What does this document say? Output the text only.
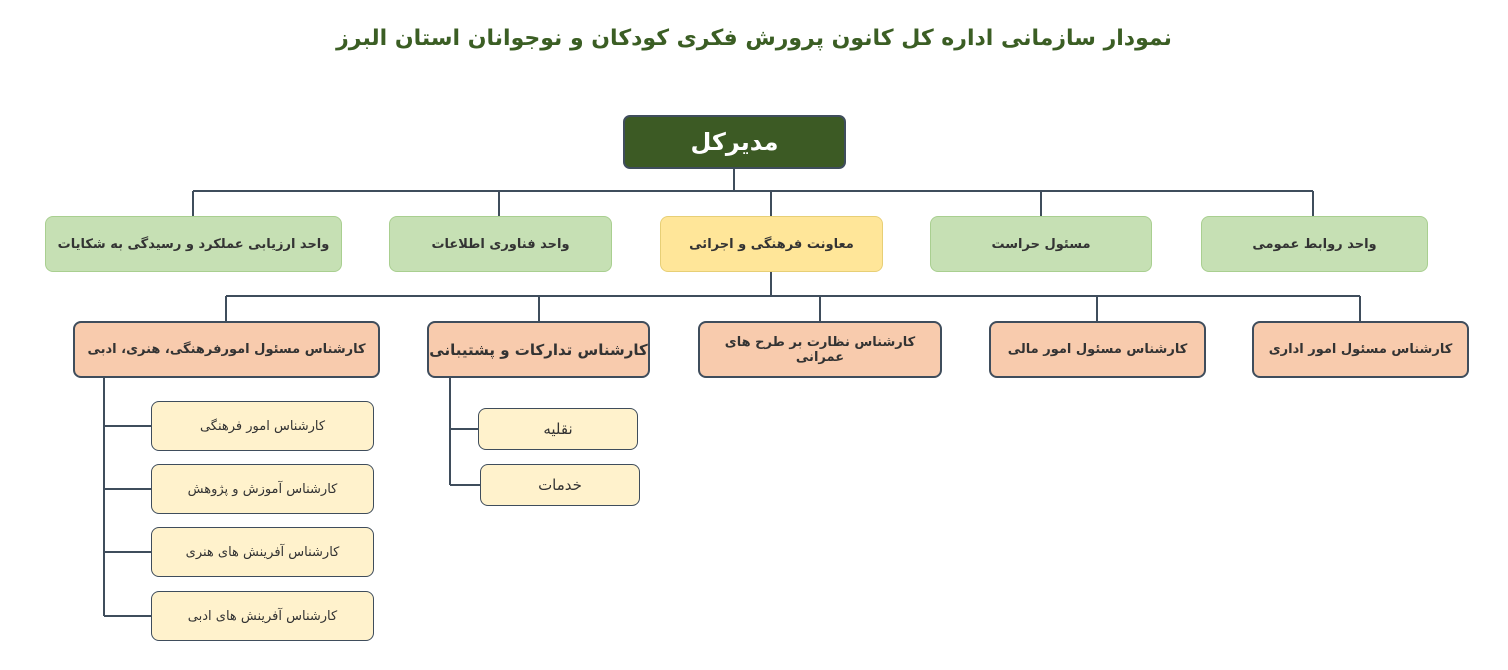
نمودار سازمانی اداره کل کانون پرورش فکری کودکان و نوجوانان استان البرز
مدیرکل
واحد روابط عمومی
مسئول حراست
معاونت فرهنگی و اجرائی
واحد فناوری اطلاعات
واحد ارزیابی عملکرد و رسیدگی به شکایات
کارشناس مسئول امور اداری
کارشناس مسئول امور مالی
کارشناس نظارت بر طرح های عمرانی
کارشناس تدارکات و پشتیبانی
کارشناس مسئول امورفرهنگی، هنری، ادبی
نقلیه
خدمات
کارشناس امور فرهنگی
کارشناس آموزش و پژوهش
کارشناس آفرینش های هنری
کارشناس آفرینش های ادبی
